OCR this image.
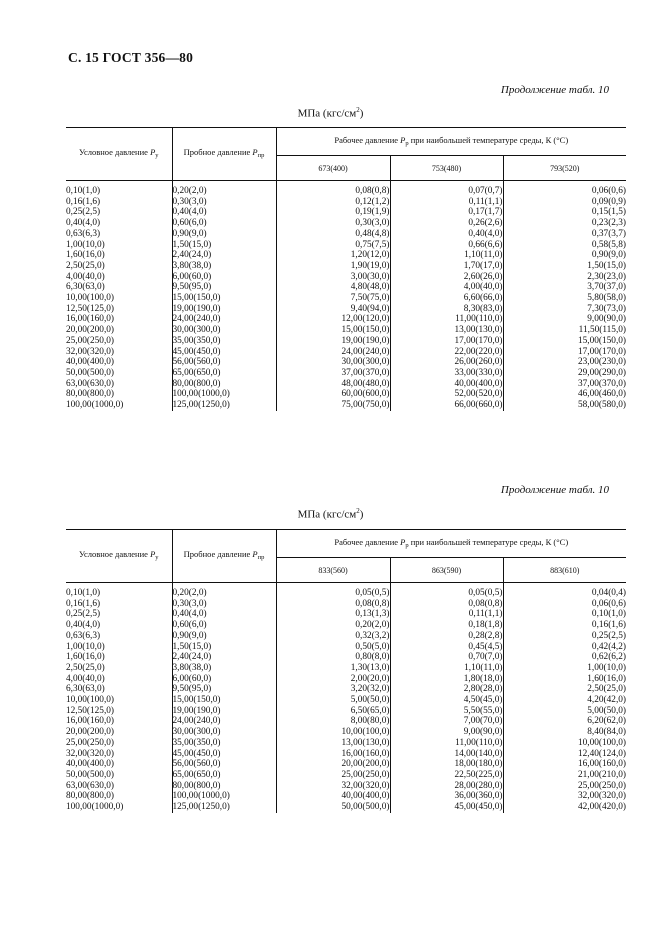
С. 15 ГОСТ 356—80
Продолжение табл. 10
МПа $(кгс/см^2)$
Условное давление $P_y$	Пробное давление $P_{пр}$	Рабочее давление $P_р$ при наибольшей температуре среды, К (°С)		
		673(400)	753(480)	793(520)
0,10(1,0)	0,20(2,0)	0,08(0,8)	0,07(0,7)	0,06(0,6)
0,16(1,6)	0,30(3,0)	0,12(1,2)	0,11(1,1)	0,09(0,9)
0,25(2,5)	0,40(4,0)	0,19(1,9)	0,17(1,7)	0,15(1,5)
0,40(4,0)	0,60(6,0)	0,30(3,0)	0,26(2,6)	0,23(2,3)
0,63(6,3)	0,90(9,0)	0,48(4,8)	0,40(4,0)	0,37(3,7)
1,00(10,0)	1,50(15,0)	0,75(7,5)	0,66(6,6)	0,58(5,8)
1,60(16,0)	2,40(24,0)	1,20(12,0)	1,10(11,0)	0,90(9,0)
2,50(25,0)	3,80(38,0)	1,90(19,0)	1,70(17,0)	1,50(15,0)
4,00(40,0)	6,00(60,0)	3,00(30,0)	2,60(26,0)	2,30(23,0)
6,30(63,0)	9,50(95,0)	4,80(48,0)	4,00(40,0)	3,70(37,0)
10,00(100,0)	15,00(150,0)	7,50(75,0)	6,60(66,0)	5,80(58,0)
12,50(125,0)	19,00(190,0)	9,40(94,0)	8,30(83,0)	7,30(73,0)
16,00(160,0)	24,00(240,0)	12,00(120,0)	11,00(110,0)	9,00(90,0)
20,00(200,0)	30,00(300,0)	15,00(150,0)	13,00(130,0)	11,50(115,0)
25,00(250,0)	35,00(350,0)	19,00(190,0)	17,00(170,0)	15,00(150,0)
32,00(320,0)	45,00(450,0)	24,00(240,0)	22,00(220,0)	17,00(170,0)
40,00(400,0)	56,00(560,0)	30,00(300,0)	26,00(260,0)	23,00(230,0)
50,00(500,0)	65,00(650,0)	37,00(370,0)	33,00(330,0)	29,00(290,0)
63,00(630,0)	80,00(800,0)	48,00(480,0)	40,00(400,0)	37,00(370,0)
80,00(800,0)	100,00(1000,0)	60,00(600,0)	52,00(520,0)	46,00(460,0)
100,00(1000,0)	125,00(1250,0)	75,00(750,0)	66,00(660,0)	58,00(580,0)
Продолжение табл. 10
МПа $(кгс/см^2)$
Условное давление $P_y$	Пробное давление $P_{пр}$	Рабочее давление $P_р$ при наибольшей температуре среды, К (°С)		
		833(560)	863(590)	883(610)
0,10(1,0)	0,20(2,0)	0,05(0,5)	0,05(0,5)	0,04(0,4)
0,16(1,6)	0,30(3,0)	0,08(0,8)	0,08(0,8)	0,06(0,6)
0,25(2,5)	0,40(4,0)	0,13(1,3)	0,11(1,1)	0,10(1,0)
0,40(4,0)	0,60(6,0)	0,20(2,0)	0,18(1,8)	0,16(1,6)
0,63(6,3)	0,90(9,0)	0,32(3,2)	0,28(2,8)	0,25(2,5)
1,00(10,0)	1,50(15,0)	0,50(5,0)	0,45(4,5)	0,42(4,2)
1,60(16,0)	2,40(24,0)	0,80(8,0)	0,70(7,0)	0,62(6,2)
2,50(25,0)	3,80(38,0)	1,30(13,0)	1,10(11,0)	1,00(10,0)
4,00(40,0)	6,00(60,0)	2,00(20,0)	1,80(18,0)	1,60(16,0)
6,30(63,0)	9,50(95,0)	3,20(32,0)	2,80(28,0)	2,50(25,0)
10,00(100,0)	15,00(150,0)	5,00(50,0)	4,50(45,0)	4,20(42,0)
12,50(125,0)	19,00(190,0)	6,50(65,0)	5,50(55,0)	5,00(50,0)
16,00(160,0)	24,00(240,0)	8,00(80,0)	7,00(70,0)	6,20(62,0)
20,00(200,0)	30,00(300,0)	10,00(100,0)	9,00(90,0)	8,40(84,0)
25,00(250,0)	35,00(350,0)	13,00(130,0)	11,00(110,0)	10,00(100,0)
32,00(320,0)	45,00(450,0)	16,00(160,0)	14,00(140,0)	12,40(124,0)
40,00(400,0)	56,00(560,0)	20,00(200,0)	18,00(180,0)	16,00(160,0)
50,00(500,0)	65,00(650,0)	25,00(250,0)	22,50(225,0)	21,00(210,0)
63,00(630,0)	80,00(800,0)	32,00(320,0)	28,00(280,0)	25,00(250,0)
80,00(800,0)	100,00(1000,0)	40,00(400,0)	36,00(360,0)	32,00(320,0)
100,00(1000,0)	125,00(1250,0)	50,00(500,0)	45,00(450,0)	42,00(420,0)
